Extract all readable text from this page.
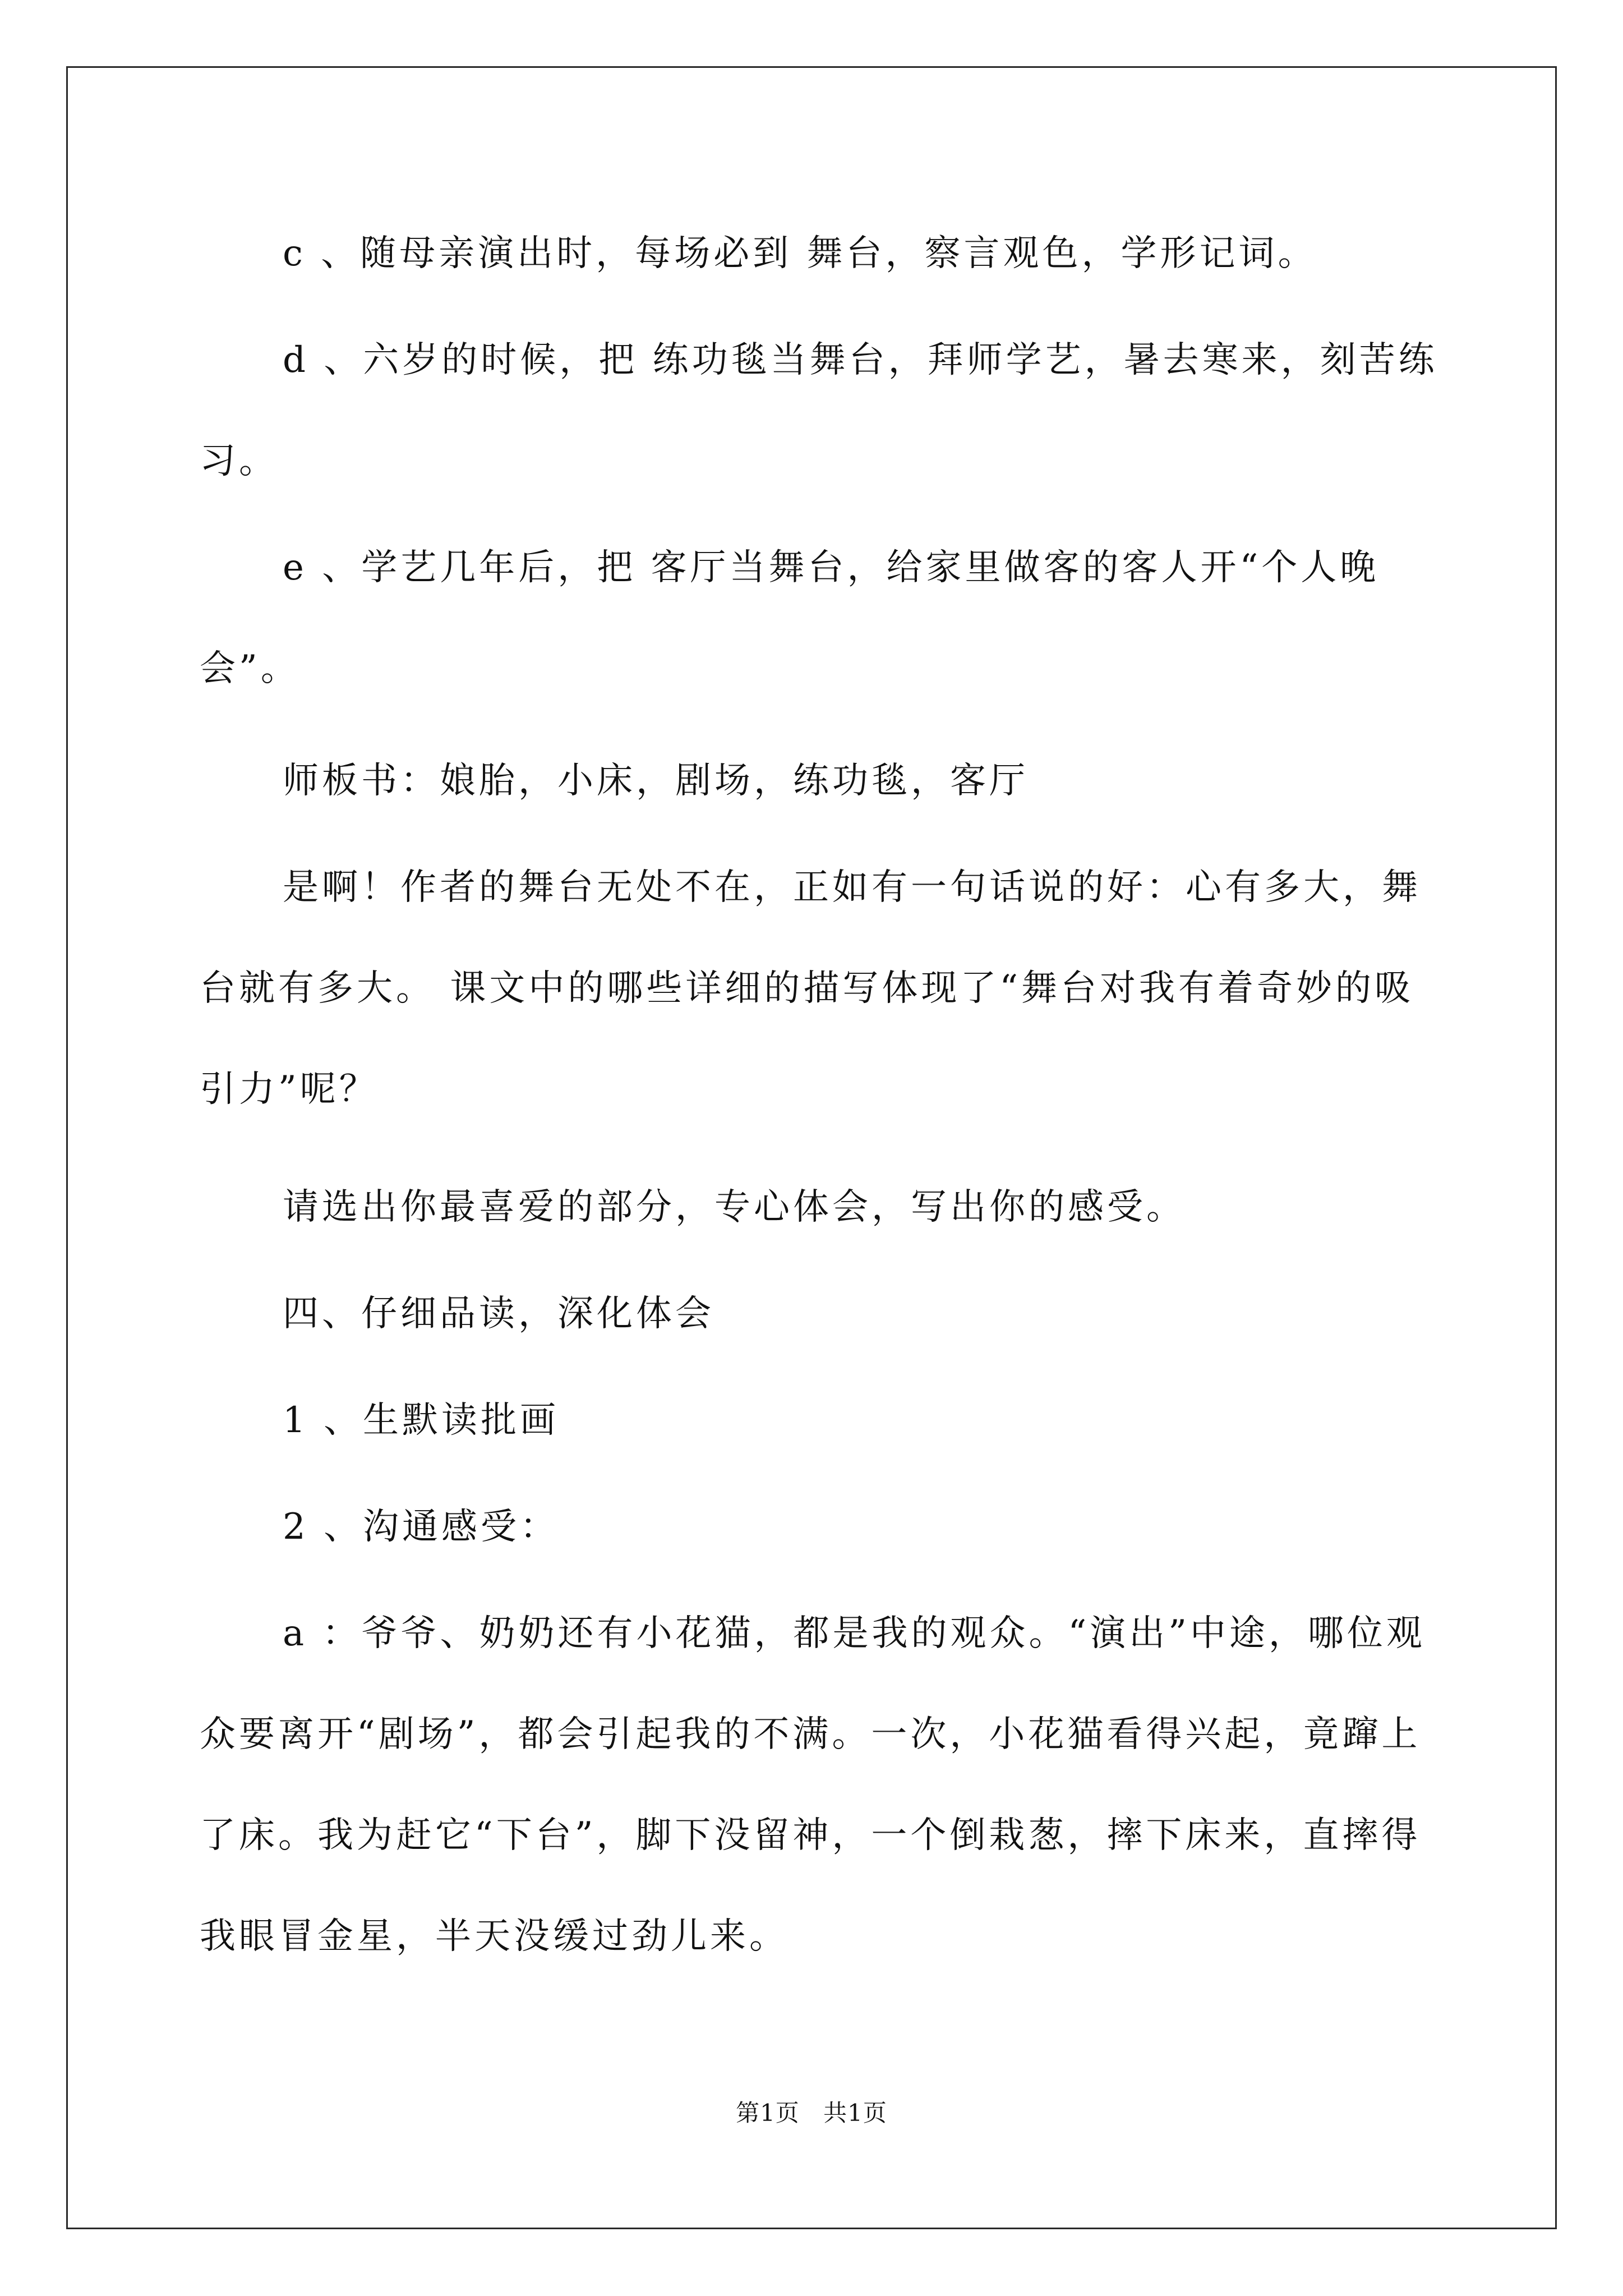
c 、随母亲演出时，每场必到 舞台，察言观色，学形记词。

d 、六岁的时候，把 练功毯当舞台，拜师学艺，暑去寒来，刻苦练习。

e 、学艺几年后，把 客厅当舞台，给家里做客的客人开“个人晚会”。

师板书：娘胎，小床，剧场，练功毯，客厅

是啊！作者的舞台无处不在，正如有一句话说的好：心有多大，舞台就有多大。 课文中的哪些详细的描写体现了“舞台对我有着奇妙的吸引力”呢？

请选出你最喜爱的部分，专心体会，写出你的感受。

四、仔细品读，深化体会

1 、生默读批画

2 、沟通感受：

a ：爷爷、奶奶还有小花猫，都是我的观众。“演出”中途，哪位观众要离开“剧场”，都会引起我的不满。一次，小花猫看得兴起，竟蹿上了床。我为赶它“下台”，脚下没留神，一个倒栽葱，摔下床来，直摔得我眼冒金星，半天没缓过劲儿来。

第1页 共1页
